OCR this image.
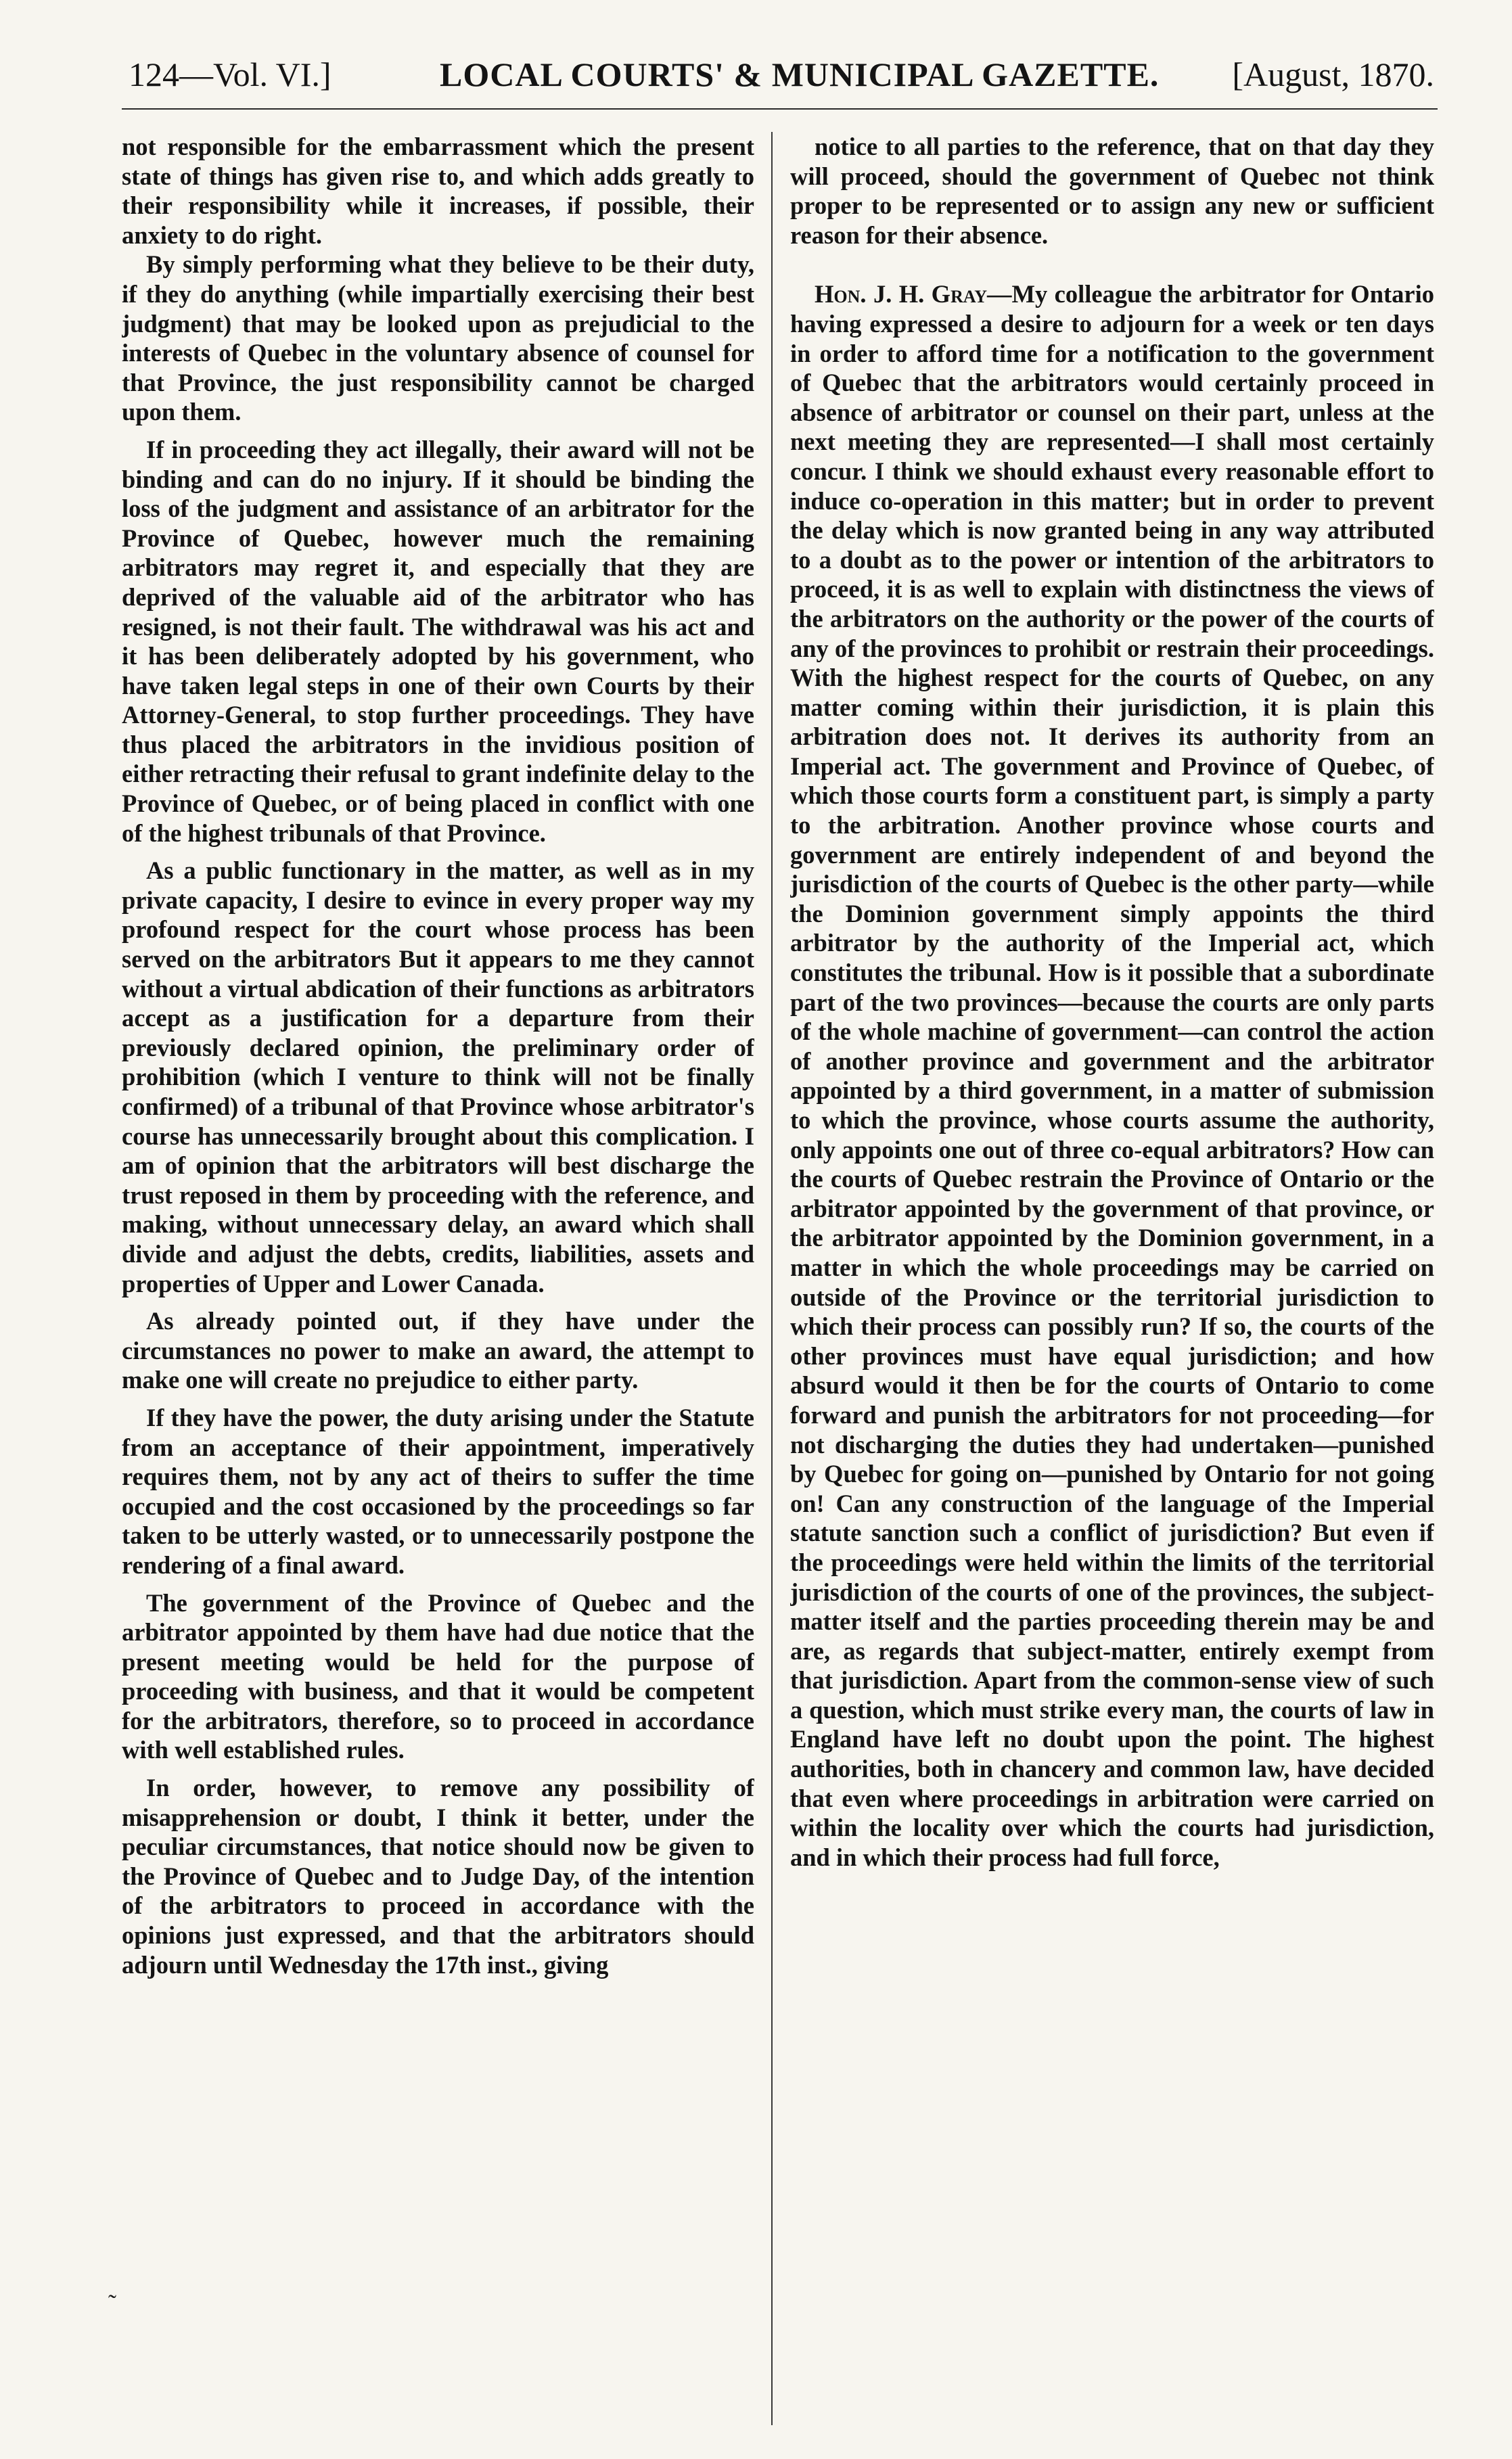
124—Vol. VI.]	LOCAL COURTS' & MUNICIPAL GAZETTE. [August, 1870.

not responsible for the embarrassment which the present state of things has given rise to, and which adds greatly to their responsibility while it increases, if possible, their anxiety to do right.

By simply performing what they believe to be their duty, if they do anything (while impartially exercising their best judgment) that may be looked upon as prejudicial to the interests of Quebec in the voluntary absence of counsel for that Province, the just responsibility cannot be charged upon them.

If in proceeding they act illegally, their award will not be binding and can do no injury. If it should be binding the loss of the judgment and assistance of an arbitrator for the Province of Quebec, however much the remaining arbitrators may regret it, and especially that they are deprived of the valuable aid of the arbitrator who has resigned, is not their fault. The withdrawal was his act and it has been deliberately adopted by his government, who have taken legal steps in one of their own Courts by their Attorney-General, to stop further proceedings. They have thus placed the arbitrators in the invidious position of either retracting their refusal to grant indefinite delay to the Province of Quebec, or of being placed in conflict with one of the highest tribunals of that Province.

As a public functionary in the matter, as well as in my private capacity, I desire to evince in every proper way my profound respect for the court whose process has been served on the arbitrators But it appears to me they cannot without a virtual abdication of their functions as arbitrators accept as a justification for a departure from their previously declared opinion, the preliminary order of prohibition (which I venture to think will not be finally confirmed) of a tribunal of that Province whose arbitrator's course has unnecessarily brought about this complication. I am of opinion that the arbitrators will best discharge the trust reposed in them by proceeding with the reference, and making, without unnecessary delay, an award which shall divide and adjust the debts, credits, liabilities, assets and properties of Upper and Lower Canada.

As already pointed out, if they have under the circumstances no power to make an award, the attempt to make one will create no prejudice to either party.

If they have the power, the duty arising under the Statute from an acceptance of their appointment, imperatively requires them, not by any act of theirs to suffer the time occupied and the cost occasioned by the proceedings so far taken to be utterly wasted, or to unnecessarily postpone the rendering of a final award.

The government of the Province of Quebec and the arbitrator appointed by them have had due notice that the present meeting would be held for the purpose of proceeding with business, and that it would be competent for the arbitrators, therefore, so to proceed in accordance with well established rules.

In order, however, to remove any possibility of misapprehension or doubt, I think it better, under the peculiar circumstances, that notice should now be given to the Province of Quebec and to Judge Day, of the intention of the arbitrators to proceed in accordance with the opinions just expressed, and that the arbitrators should adjourn until Wednesday the 17th inst., giving

˷

notice to all parties to the reference, that on that day they will proceed, should the government of Quebec not think proper to be represented or to assign any new or sufficient reason for their absence.

Hon. J. H. Gray—My colleague the arbitrator for Ontario having expressed a desire to adjourn for a week or ten days in order to afford time for a notification to the government of Quebec that the arbitrators would certainly proceed in absence of arbitrator or counsel on their part, unless at the next meeting they are represented—I shall most certainly concur. I think we should exhaust every reasonable effort to induce co-operation in this matter; but in order to prevent the delay which is now granted being in any way attributed to a doubt as to the power or intention of the arbitrators to proceed, it is as well to explain with distinctness the views of the arbitrators on the authority or the power of the courts of any of the provinces to prohibit or restrain their proceedings. With the highest respect for the courts of Quebec, on any matter coming within their jurisdiction, it is plain this arbitration does not. It derives its authority from an Imperial act. The government and Province of Quebec, of which those courts form a constituent part, is simply a party to the arbitration. Another province whose courts and government are entirely independent of and beyond the jurisdiction of the courts of Quebec is the other party—while the Dominion government simply appoints the third arbitrator by the authority of the Imperial act, which constitutes the tribunal. How is it possible that a subordinate part of the two provinces—because the courts are only parts of the whole machine of government—can control the action of another province and government and the arbitrator appointed by a third government, in a matter of submission to which the province, whose courts assume the authority, only appoints one out of three co-equal arbitrators? How can the courts of Quebec restrain the Province of Ontario or the arbitrator appointed by the government of that province, or the arbitrator appointed by the Dominion government, in a matter in which the whole proceedings may be carried on outside of the Province or the territorial jurisdiction to which their process can possibly run? If so, the courts of the other provinces must have equal jurisdiction; and how absurd would it then be for the courts of Ontario to come forward and punish the arbitrators for not proceeding—for not discharging the duties they had undertaken—punished by Quebec for going on—punished by Ontario for not going on! Can any construction of the language of the Imperial statute sanction such a conflict of jurisdiction? But even if the proceedings were held within the limits of the territorial jurisdiction of the courts of one of the provinces, the subject-matter itself and the parties proceeding therein may be and are, as regards that subject-matter, entirely exempt from that jurisdiction. Apart from the common-sense view of such a question, which must strike every man, the courts of law in England have left no doubt upon the point. The highest authorities, both in chancery and common law, have decided that even where proceedings in arbitration were carried on within the locality over which the courts had jurisdiction, and in which their process had full force,
